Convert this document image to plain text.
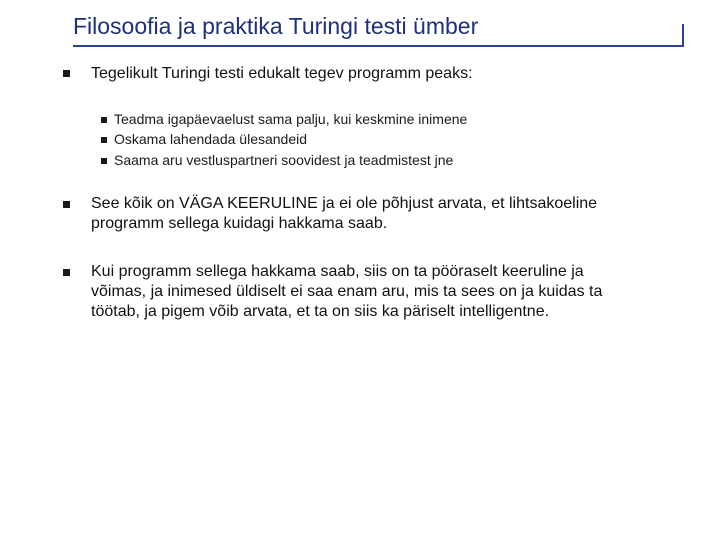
Filosoofia ja praktika Turingi testi ümber
Tegelikult Turingi testi edukalt tegev programm peaks:
Teadma igapäevaelust sama palju, kui keskmine inimene
Oskama lahendada ülesandeid
Saama aru vestluspartneri soovidest ja teadmistest jne
See kõik on VÄGA KEERULINE ja ei ole põhjust arvata, et lihtsakoeline
programm sellega kuidagi hakkama saab.
Kui programm sellega hakkama saab, siis on ta pööraselt keeruline ja
võimas, ja inimesed üldiselt ei saa enam aru, mis ta sees on ja kuidas ta
töötab, ja pigem võib arvata, et ta on siis ka päriselt intelligentne.
